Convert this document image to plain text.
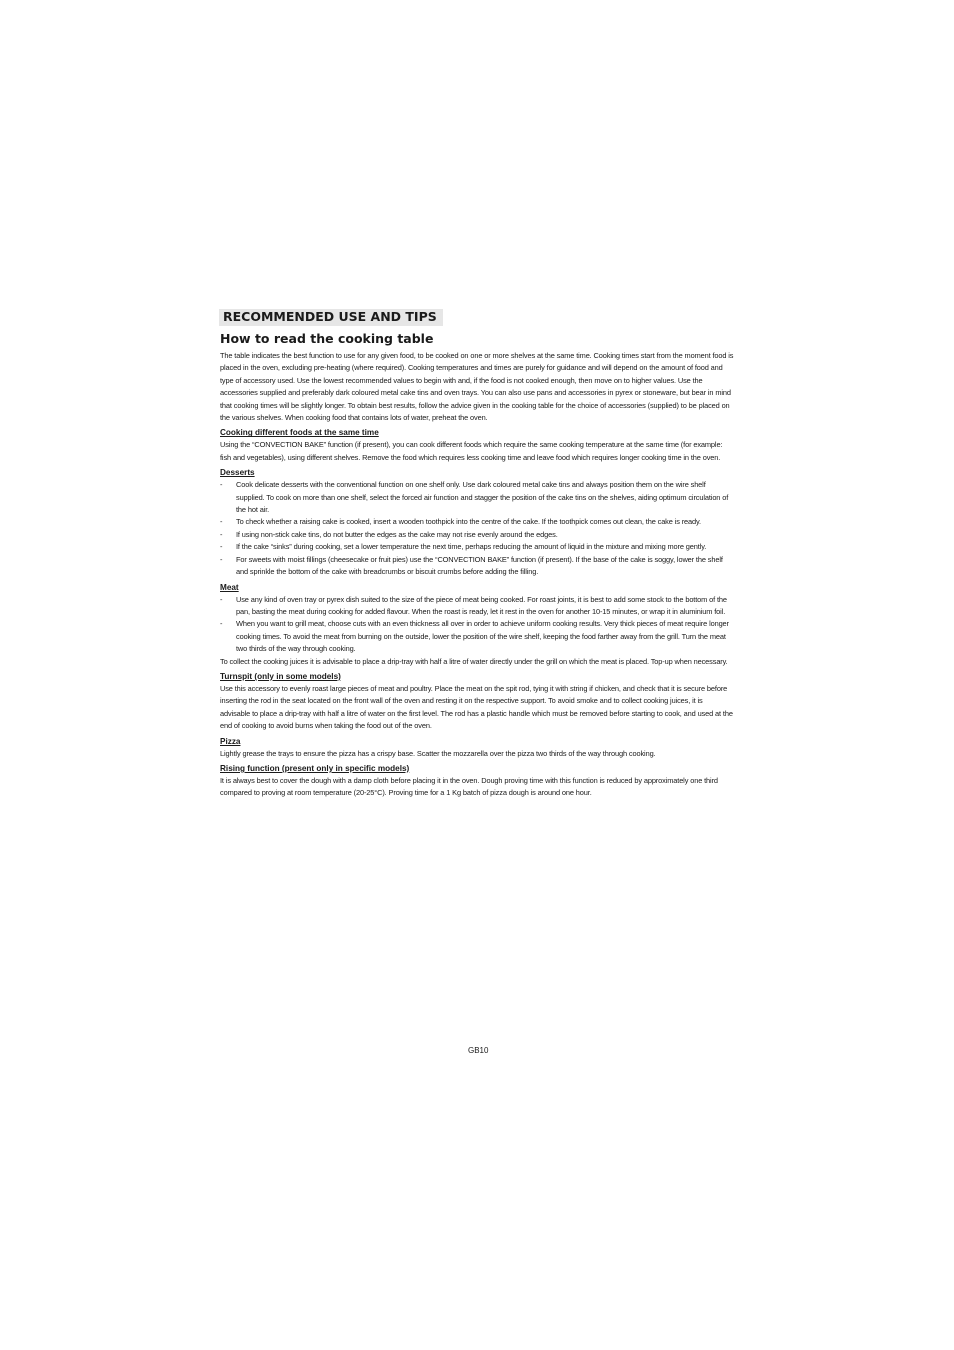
RECOMMENDED USE AND TIPS
How to read the cooking table

The table indicates the best function to use for any given food, to be cooked on one or more shelves at the same time. Cooking times start from the moment food is placed in the oven, excluding pre-heating (where required). Cooking temperatures and times are purely for guidance and will depend on the amount of food and type of accessory used. Use the lowest recommended values to begin with and, if the food is not cooked enough, then move on to higher values. Use the accessories supplied and preferably dark coloured metal cake tins and oven trays. You can also use pans and accessories in pyrex or stoneware, but bear in mind that cooking times will be slightly longer. To obtain best results, follow the advice given in the cooking table for the choice of accessories (supplied) to be placed on the various shelves. When cooking food that contains lots of water, preheat the oven.

Cooking different foods at the same time

Using the “CONVECTION BAKE” function (if present), you can cook different foods which require the same cooking temperature at the same time (for example: fish and vegetables), using different shelves. Remove the food which requires less cooking time and leave food which requires longer cooking time in the oven.

Desserts
- Cook delicate desserts with the conventional function on one shelf only. Use dark coloured metal cake tins and always position them on the wire shelf supplied. To cook on more than one shelf, select the forced air function and stagger the position of the cake tins on the shelves, aiding optimum circulation of the hot air.
- To check whether a raising cake is cooked, insert a wooden toothpick into the centre of the cake. If the toothpick comes out clean, the cake is ready.
- If using non-stick cake tins, do not butter the edges as the cake may not rise evenly around the edges.
- If the cake “sinks” during cooking, set a lower temperature the next time, perhaps reducing the amount of liquid in the mixture and mixing more gently.
- For sweets with moist fillings (cheesecake or fruit pies) use the “CONVECTION BAKE” function (if present). If the base of the cake is soggy, lower the shelf and sprinkle the bottom of the cake with breadcrumbs or biscuit crumbs before adding the filling.
Meat
- Use any kind of oven tray or pyrex dish suited to the size of the piece of meat being cooked. For roast joints, it is best to add some stock to the bottom of the pan, basting the meat during cooking for added flavour. When the roast is ready, let it rest in the oven for another 10-15 minutes, or wrap it in aluminium foil.
- When you want to grill meat, choose cuts with an even thickness all over in order to achieve uniform cooking results. Very thick pieces of meat require longer cooking times. To avoid the meat from burning on the outside, lower the position of the wire shelf, keeping the food farther away from the grill. Turn the meat two thirds of the way through cooking.

To collect the cooking juices it is advisable to place a drip-tray with half a litre of water directly under the grill on which the meat is placed. Top-up when necessary.

Turnspit (only in some models)

Use this accessory to evenly roast large pieces of meat and poultry. Place the meat on the spit rod, tying it with string if chicken, and check that it is secure before inserting the rod in the seat located on the front wall of the oven and resting it on the respective support. To avoid smoke and to collect cooking juices, it is advisable to place a drip-tray with half a litre of water on the first level. The rod has a plastic handle which must be removed before starting to cook, and used at the end of cooking to avoid burns when taking the food out of the oven.

Pizza

Lightly grease the trays to ensure the pizza has a crispy base. Scatter the mozzarella over the pizza two thirds of the way through cooking.

Rising function (present only in specific models)

It is always best to cover the dough with a damp cloth before placing it in the oven. Dough proving time with this function is reduced by approximately one third compared to proving at room temperature (20-25°C). Proving time for a 1 Kg batch of pizza dough is around one hour.

GB10
